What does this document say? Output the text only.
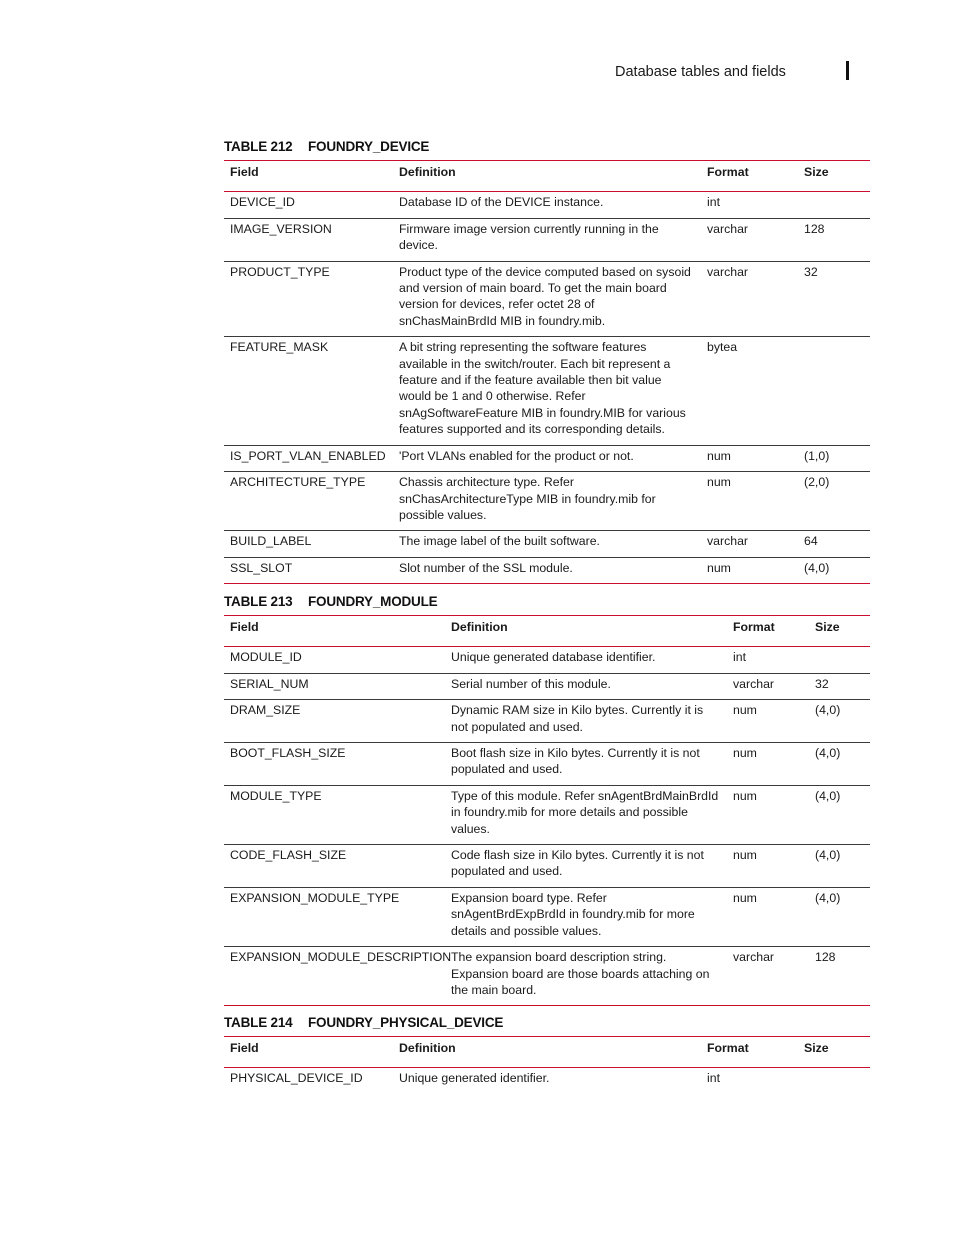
Database tables and fields
TABLE 212 FOUNDRY_DEVICE
Field	Definition	Format	Size
DEVICE_ID	Database ID of the DEVICE instance.	int	
IMAGE_VERSION	Firmware image version currently running in the device.	varchar	128
PRODUCT_TYPE	Product type of the device computed based on sysoid and version of main board. To get the main board version for devices, refer octet 28 of snChasMainBrdId MIB in foundry.mib.	varchar	32
FEATURE_MASK	A bit string representing the software features available in the switch/router. Each bit represent a feature and if the feature available then bit value would be 1 and 0 otherwise. Refer snAgSoftwareFeature MIB in foundry.MIB for various features supported and its corresponding details.	bytea	
IS_PORT_VLAN_ENABLED	'Port VLANs enabled for the product or not.	num	(1,0)
ARCHITECTURE_TYPE	Chassis architecture type. Refer snChasArchitectureType MIB in foundry.mib for possible values.	num	(2,0)
BUILD_LABEL	The image label of the built software.	varchar	64
SSL_SLOT	Slot number of the SSL module.	num	(4,0)
TABLE 213 FOUNDRY_MODULE
Field	Definition	Format	Size
MODULE_ID	Unique generated database identifier.	int	
SERIAL_NUM	Serial number of this module.	varchar	32
DRAM_SIZE	Dynamic RAM size in Kilo bytes. Currently it is not populated and used.	num	(4,0)
BOOT_FLASH_SIZE	Boot flash size in Kilo bytes. Currently it is not populated and used.	num	(4,0)
MODULE_TYPE	Type of this module. Refer snAgentBrdMainBrdId in foundry.mib for more details and possible values.	num	(4,0)
CODE_FLASH_SIZE	Code flash size in Kilo bytes. Currently it is not populated and used.	num	(4,0)
EXPANSION_MODULE_TYPE	Expansion board type. Refer snAgentBrdExpBrdId in foundry.mib for more details and possible values.	num	(4,0)
EXPANSION_MODULE_DESCRIPTION	The expansion board description string. Expansion board are those boards attaching on the main board.	varchar	128
TABLE 214 FOUNDRY_PHYSICAL_DEVICE
Field	Definition	Format	Size
PHYSICAL_DEVICE_ID	Unique generated identifier.	int	
